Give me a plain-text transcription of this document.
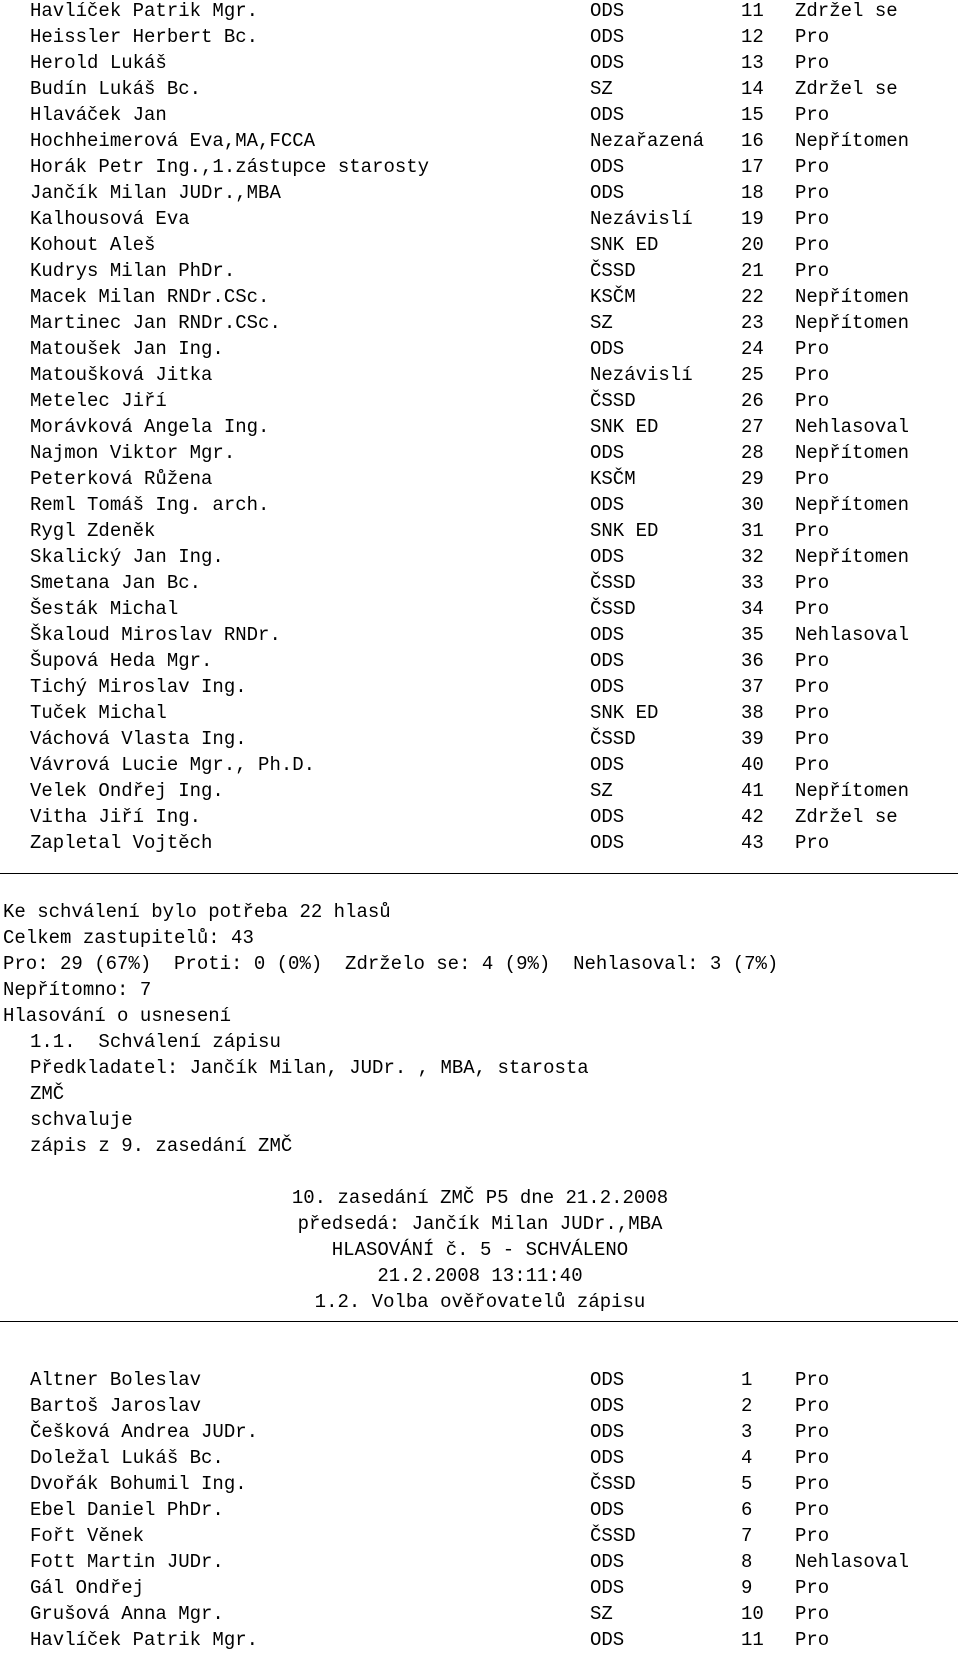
Havlíček Patrik Mgr.	ODS	11 Zdržel se
Heissler Herbert Bc.	ODS	12 Pro
Herold Lukáš	ODS	13 Pro
Budín Lukáš Bc.	SZ	14 Zdržel se
Hlaváček Jan	ODS	15 Pro
Hochheimerová Eva,MA,FCCA	Nezařazená 16 Nepřítomen
Horák Petr Ing.,1.zástupce starosty	ODS	17 Pro
Jančík Milan JUDr.,MBA	ODS	18 Pro
Kalhousová Eva	Nezávislí	19 Pro
Kohout Aleš	SNK ED	20 Pro
Kudrys Milan PhDr.	ČSSD	21 Pro
Macek Milan RNDr.CSc.	KSČM	22 Nepřítomen
Martinec Jan RNDr.CSc.	SZ	23 Nepřítomen
Matoušek Jan Ing.	ODS	24 Pro
Matoušková Jitka	Nezávislí	25 Pro
Metelec Jiří	ČSSD	26 Pro
Morávková Angela Ing.	SNK ED	27 Nehlasoval
Najmon Viktor Mgr.	ODS	28 Nepřítomen
Peterková Růžena	KSČM	29 Pro
Reml Tomáš Ing. arch.	ODS	30 Nepřítomen
Rygl Zdeněk	SNK ED	31 Pro
Skalický Jan Ing.	ODS	32 Nepřítomen
Smetana Jan Bc.	ČSSD	33 Pro
Šesták Michal	ČSSD	34 Pro
Škaloud Miroslav RNDr.	ODS	35 Nehlasoval
Šupová Heda Mgr.	ODS	36 Pro
Tichý Miroslav Ing.	ODS	37 Pro
Tuček Michal	SNK ED	38 Pro
Váchová Vlasta Ing.	ČSSD	39 Pro
Vávrová Lucie Mgr., Ph.D.	ODS	40 Pro
Velek Ondřej Ing.	SZ	41 Nepřítomen
Vitha Jiří Ing.	ODS	42 Zdržel se
Zapletal Vojtěch	ODS	43 Pro
Ke schválení bylo potřeba 22 hlasů
Celkem zastupitelů: 43
Pro: 29 (67%)  Proti: 0 (0%)  Zdrželo se: 4 (9%)  Nehlasoval: 3 (7%)
Nepřítomno: 7
Hlasování o usnesení
1.1.  Schválení zápisu
Předkladatel: Jančík Milan, JUDr. , MBA, starosta
ZMČ
schvaluje
zápis z 9. zasedání ZMČ
10. zasedání ZMČ P5 dne 21.2.2008
předsedá: Jančík Milan JUDr.,MBA
HLASOVÁNÍ č. 5 - SCHVÁLENO
21.2.2008 13:11:40
1.2. Volba ověřovatelů zápisu
Altner Boleslav	ODS	1 Pro
Bartoš Jaroslav	ODS	2 Pro
Češková Andrea JUDr.	ODS	3 Pro
Doležal Lukáš Bc.	ODS	4 Pro
Dvořák Bohumil Ing.	ČSSD	5 Pro
Ebel Daniel PhDr.	ODS	6 Pro
Fořt Věnek	ČSSD	7 Pro
Fott Martin JUDr.	ODS	8 Nehlasoval
Gál Ondřej	ODS	9 Pro
Grušová Anna Mgr.	SZ	10 Pro
Havlíček Patrik Mgr.	ODS	11 Pro
